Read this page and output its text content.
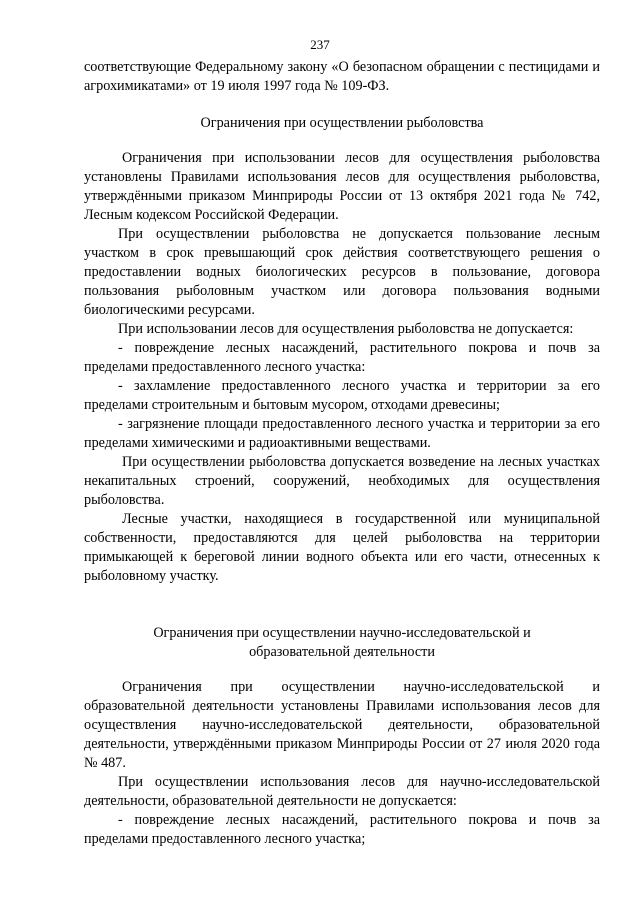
237

соответствующие Федеральному закону «О безопасном обращении с пестицидами и агрохимикатами» от 19 июля 1997 года № 109-ФЗ.

Ограничения при осуществлении рыболовства

Ограничения при использовании лесов для осуществления рыболовства установлены Правилами использования лесов для осуществления рыболовства, утверждёнными приказом Минприроды России от 13 октября 2021 года № 742, Лесным кодексом Российской Федерации.

При осуществлении рыболовства не допускается пользование лесным участком в срок превышающий срок действия соответствующего решения о предоставлении водных биологических ресурсов в пользование, договора пользования рыболовным участком или договора пользования водными биологическими ресурсами.

При использовании лесов для осуществления рыболовства не допускается:

- повреждение лесных насаждений, растительного покрова и почв за пределами предоставленного лесного участка:

- захламление предоставленного лесного участка и территории за его пределами строительным и бытовым мусором, отходами древесины;

- загрязнение площади предоставленного лесного участка и территории за его пределами химическими и радиоактивными веществами.

При осуществлении рыболовства допускается возведение на лесных участках некапитальных строений, сооружений, необходимых для осуществления рыболовства.

Лесные участки, находящиеся в государственной или муниципальной собственности, предоставляются для целей рыболовства на территории примыкающей к береговой линии водного объекта или его части, отнесенных к рыболовному участку.

Ограничения при осуществлении научно-исследовательской и
образовательной деятельности

Ограничения при осуществлении научно-исследовательской и образовательной деятельности установлены Правилами использования лесов для осуществления научно-исследовательской деятельности, образовательной деятельности, утверждёнными приказом Минприроды России от 27 июля 2020 года № 487.

При осуществлении использования лесов для научно-исследовательской деятельности, образовательной деятельности не допускается:

- повреждение лесных насаждений, растительного покрова и почв за пределами предоставленного лесного участка;
